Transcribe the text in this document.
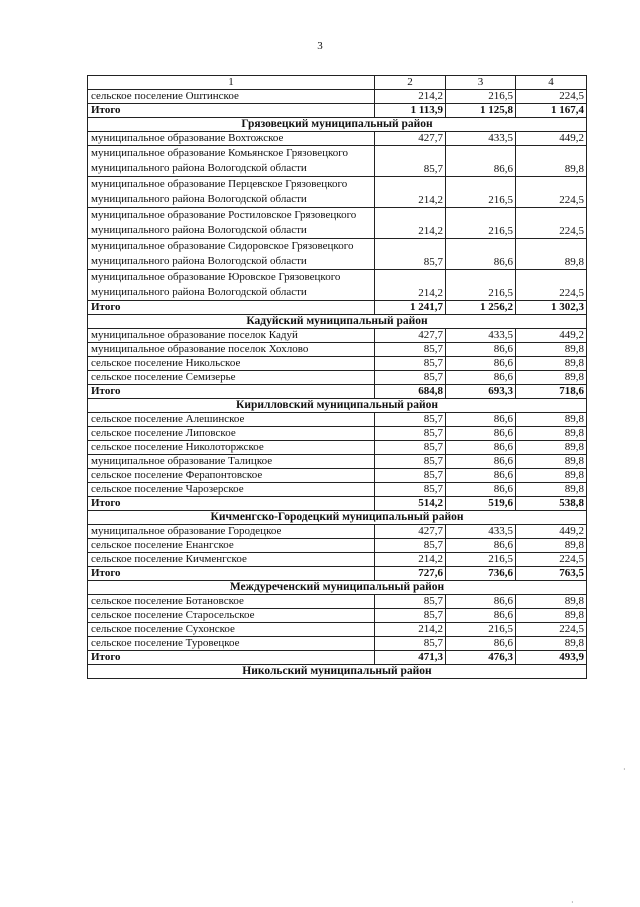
3
1	2	3	4
сельское поселение Оштинское	214,2	216,5	224,5
Итого	1 113,9	1 125,8	1 167,4
Грязовецкий муниципальный район			
муниципальное образование Вохтожское	427,7	433,5	449,2
муниципальное образование Комьянское Грязовецкого муниципального района Вологодской области	85,7	86,6	89,8
муниципальное образование Перцевское Грязовецкого муниципального района Вологодской области	214,2	216,5	224,5
муниципальное образование Ростиловское Грязовецкого муниципального района Вологодской области	214,2	216,5	224,5
муниципальное образование Сидоровское Грязовецкого муниципального района Вологодской области	85,7	86,6	89,8
муниципальное образование Юровское Грязовецкого муниципального района Вологодской области	214,2	216,5	224,5
Итого	1 241,7	1 256,2	1 302,3
Кадуйский муниципальный район			
муниципальное образование поселок Кадуй	427,7	433,5	449,2
муниципальное образование поселок Хохлово	85,7	86,6	89,8
сельское поселение Никольское	85,7	86,6	89,8
сельское поселение Семизерье	85,7	86,6	89,8
Итого	684,8	693,3	718,6
Кирилловский муниципальный район			
сельское поселение Алешинское	85,7	86,6	89,8
сельское поселение Липовское	85,7	86,6	89,8
сельское поселение Николоторжское	85,7	86,6	89,8
муниципальное образование Талицкое	85,7	86,6	89,8
сельское поселение Ферапонтовское	85,7	86,6	89,8
сельское поселение Чарозерское	85,7	86,6	89,8
Итого	514,2	519,6	538,8
Кичменгско-Городецкий муниципальный район			
муниципальное образование Городецкое	427,7	433,5	449,2
сельское поселение Енангское	85,7	86,6	89,8
сельское поселение Кичменгское	214,2	216,5	224,5
Итого	727,6	736,6	763,5
Междуреченский муниципальный район			
сельское поселение Ботановское	85,7	86,6	89,8
сельское поселение Старосельское	85,7	86,6	89,8
сельское поселение Сухонское	214,2	216,5	224,5
сельское поселение Туровецкое	85,7	86,6	89,8
Итого	471,3	476,3	493,9
Никольский муниципальный район			
·
·
